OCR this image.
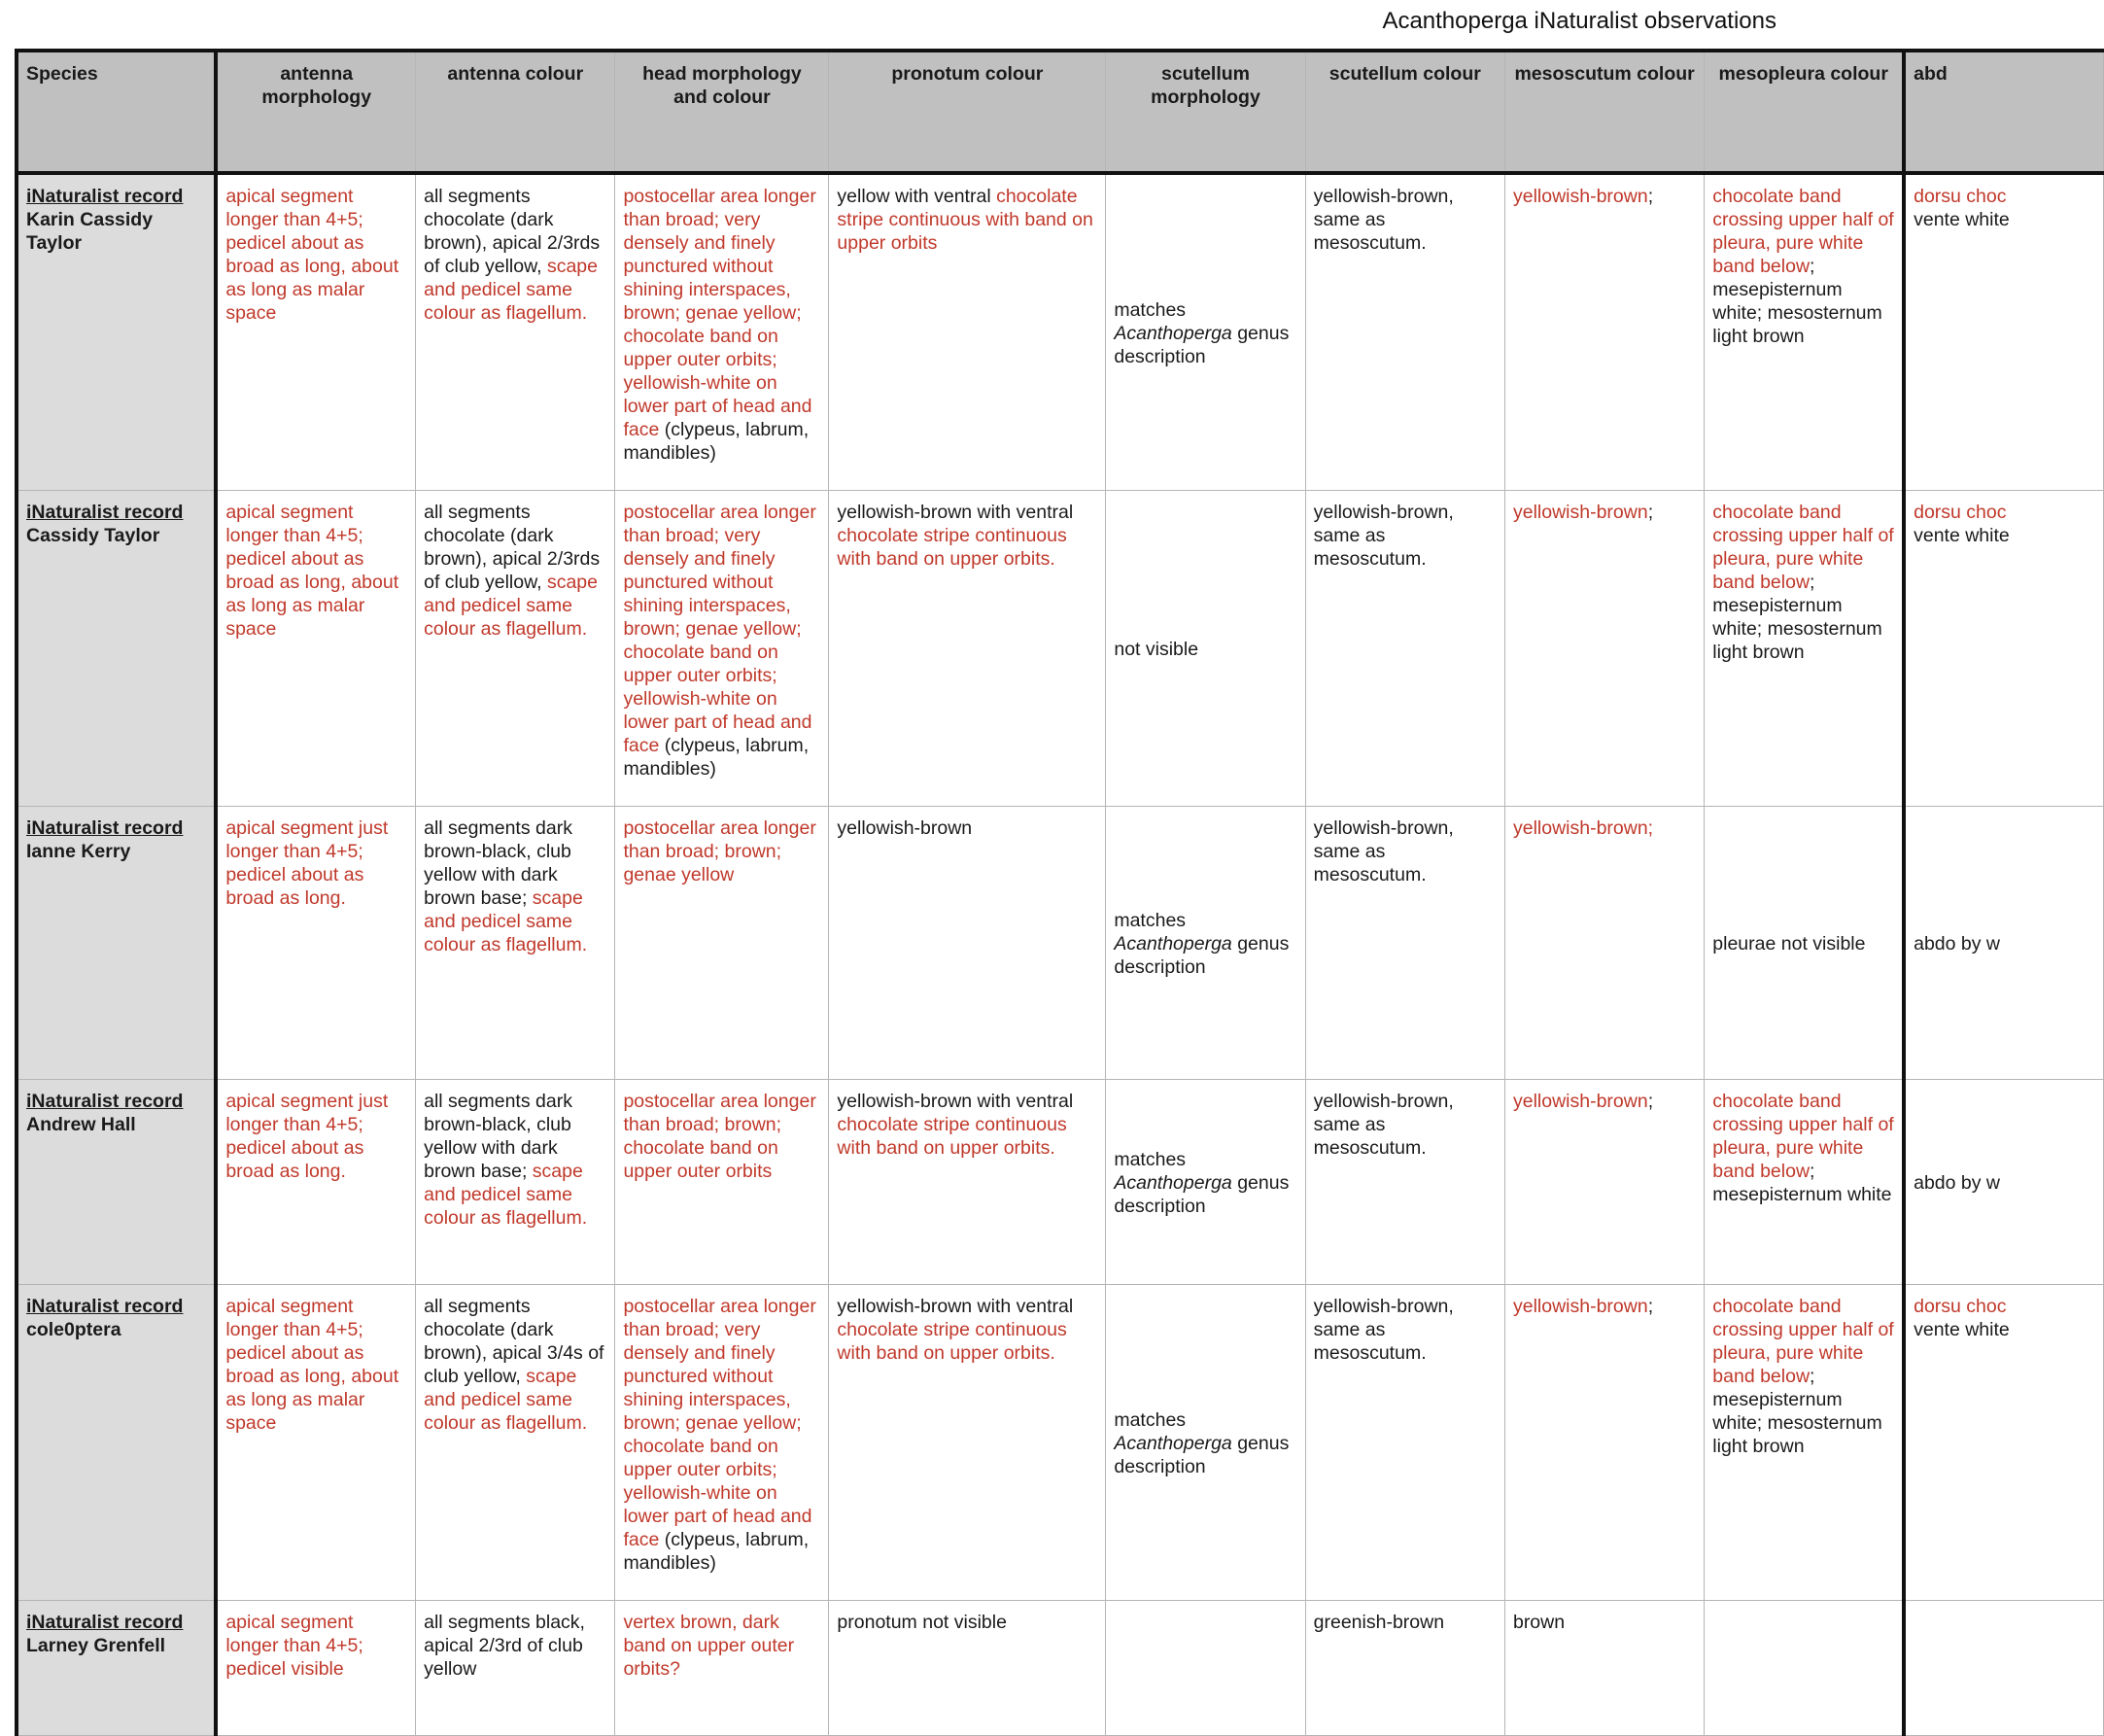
Acanthoperga iNaturalist observations
Species	antenna morphology	antenna colour	head morphology and colour	pronotum colour	scutellum morphology	scutellum colour	mesoscutum colour	mesopleura colour	abd
iNaturalist record
Karin Cassidy Taylor	apical segment longer than 4+5; pedicel about as broad as long, about as long as malar space	all segments chocolate (dark brown), apical 2/3rds of club yellow, scape and pedicel same colour as flagellum.	postocellar area longer than broad; very densely and finely punctured without shining interspaces, brown; genae yellow; chocolate band on upper outer orbits; yellowish-white on lower part of head and face (clypeus, labrum, mandibles)	yellow with ventral chocolate stripe continuous with band on upper orbits	matches Acanthoperga genus description	yellowish-brown, same as mesoscutum.	yellowish-brown;	chocolate band crossing upper half of pleura, pure white band below; mesepisternum white; mesosternum light brown	dorsu choc
vente white
iNaturalist record
Cassidy Taylor	apical segment longer than 4+5; pedicel about as broad as long, about as long as malar space	all segments chocolate (dark brown), apical 2/3rds of club yellow, scape and pedicel same colour as flagellum.	postocellar area longer than broad; very densely and finely punctured without shining interspaces, brown; genae yellow; chocolate band on upper outer orbits; yellowish-white on lower part of head and face (clypeus, labrum, mandibles)	yellowish-brown with ventral chocolate stripe continuous with band on upper orbits.	not visible	yellowish-brown, same as mesoscutum.	yellowish-brown;	chocolate band crossing upper half of pleura, pure white band below; mesepisternum white; mesosternum light brown	dorsu choc
vente white
iNaturalist record
Ianne Kerry	apical segment just longer than 4+5; pedicel about as broad as long.	all segments dark brown-black, club yellow with dark brown base; scape and pedicel same colour as flagellum.	postocellar area longer than broad; brown; genae yellow	yellowish-brown	matches Acanthoperga genus description	yellowish-brown, same as mesoscutum.	yellowish-brown;	pleurae not visible	abdo by w
iNaturalist record
Andrew Hall	apical segment just longer than 4+5; pedicel about as broad as long.	all segments dark brown-black, club yellow with dark brown base; scape and pedicel same colour as flagellum.	postocellar area longer than broad; brown; chocolate band on upper outer orbits	yellowish-brown with ventral chocolate stripe continuous with band on upper orbits.	matches Acanthoperga genus description	yellowish-brown, same as mesoscutum.	yellowish-brown;	chocolate band crossing upper half of pleura, pure white band below; mesepisternum white	abdo by w
iNaturalist record
cole0ptera	apical segment longer than 4+5; pedicel about as broad as long, about as long as malar space	all segments chocolate (dark brown), apical 3/4s of club yellow, scape and pedicel same colour as flagellum.	postocellar area longer than broad; very densely and finely punctured without shining interspaces, brown; genae yellow; chocolate band on upper outer orbits; yellowish-white on lower part of head and face (clypeus, labrum, mandibles)	yellowish-brown with ventral chocolate stripe continuous with band on upper orbits.	matches Acanthoperga genus description	yellowish-brown, same as mesoscutum.	yellowish-brown;	chocolate band crossing upper half of pleura, pure white band below; mesepisternum white; mesosternum light brown	dorsu choc
vente white
iNaturalist record
Larney Grenfell	apical segment longer than 4+5; pedicel visible	all segments black, apical 2/3rd of club yellow	vertex brown, dark band on upper outer orbits?	pronotum not visible		greenish-brown	brown		
